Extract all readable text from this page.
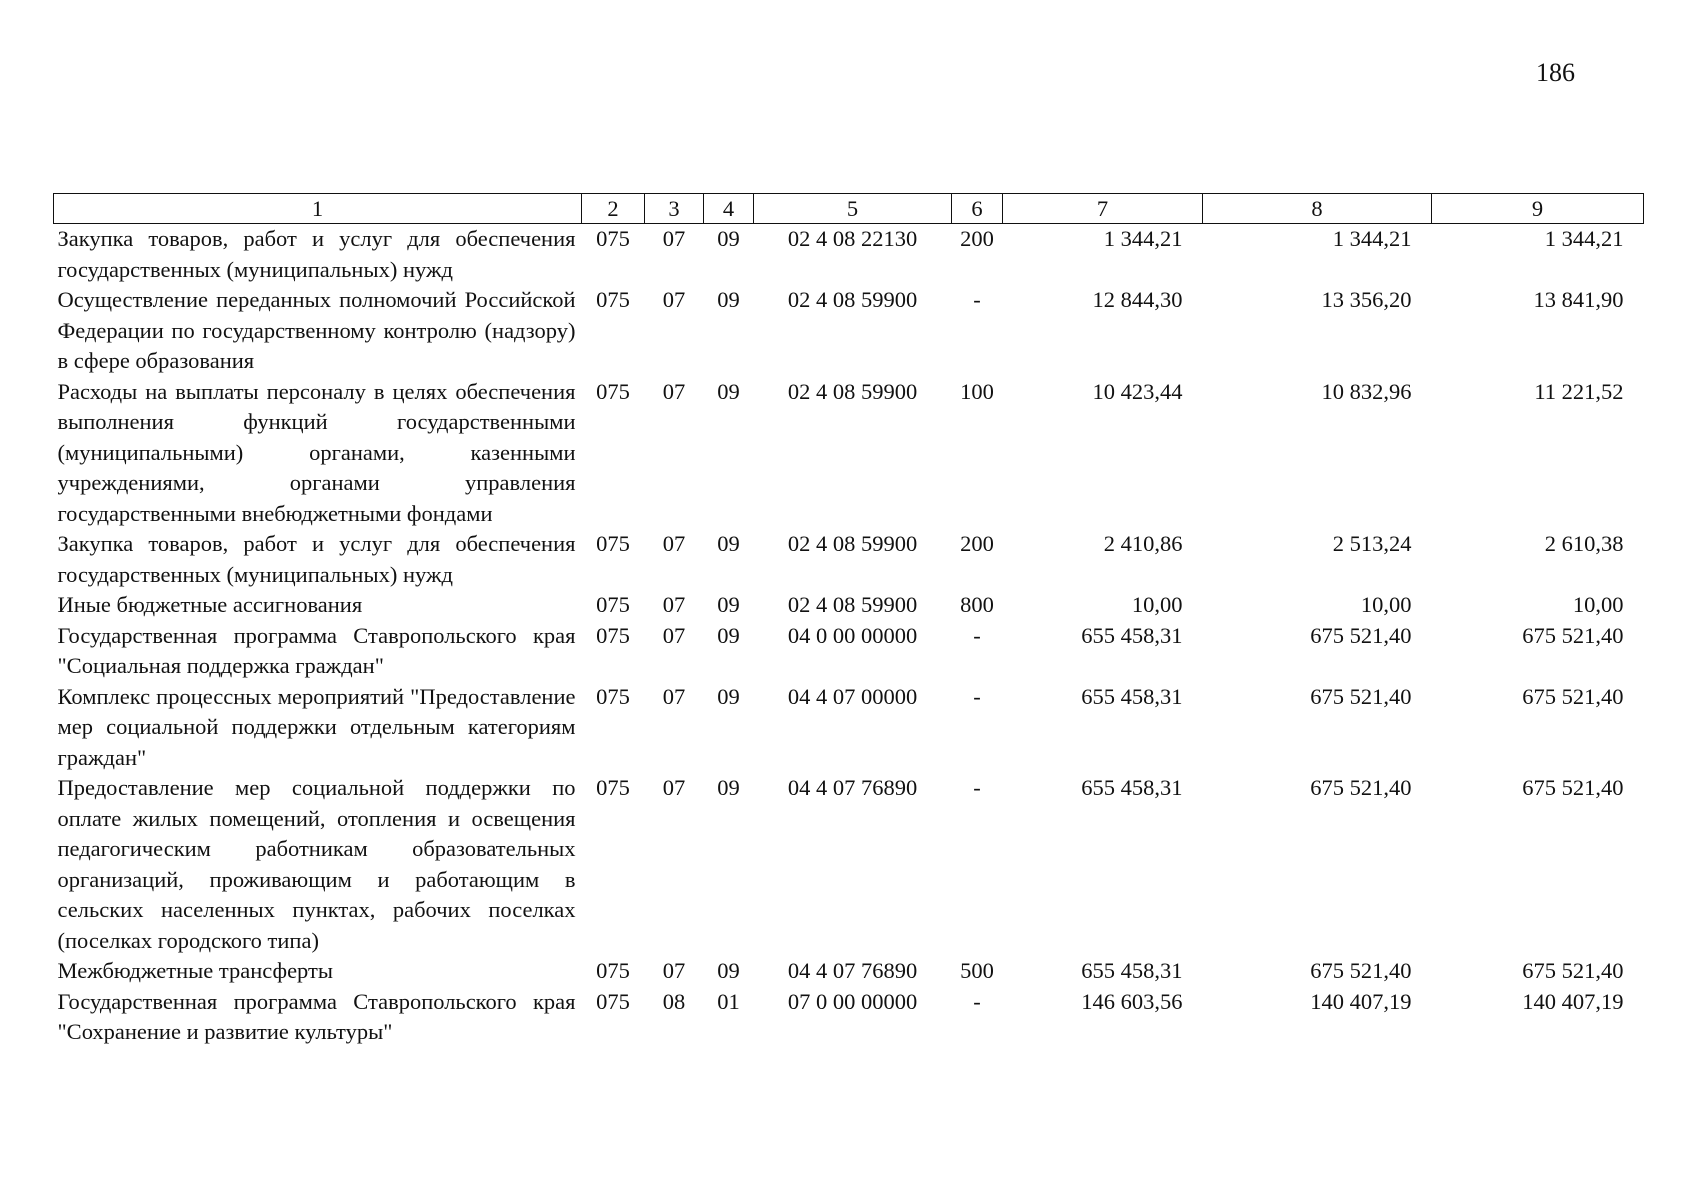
186
1	2	3	4	5	6	7	8	9
Закупка товаров, работ и услуг для обеспечения государственных (муниципальных) нужд	075	07	09	02 4 08 22130	200	1 344,21	1 344,21	1 344,21
Осуществление переданных полномочий Российской Федерации по государственному контролю (надзору) в сфере образования	075	07	09	02 4 08 59900	-	12 844,30	13 356,20	13 841,90
Расходы на выплаты персоналу в целях обеспечения выполнения функций государственными (муниципальными) органами, казенными учреждениями, органами управления государственными внебюджетными фондами	075	07	09	02 4 08 59900	100	10 423,44	10 832,96	11 221,52
Закупка товаров, работ и услуг для обеспечения государственных (муниципальных) нужд	075	07	09	02 4 08 59900	200	2 410,86	2 513,24	2 610,38
Иные бюджетные ассигнования	075	07	09	02 4 08 59900	800	10,00	10,00	10,00
Государственная программа Ставропольского края "Социальная поддержка граждан"	075	07	09	04 0 00 00000	-	655 458,31	675 521,40	675 521,40
Комплекс процессных мероприятий "Предоставление мер социальной поддержки отдельным категориям граждан"	075	07	09	04 4 07 00000	-	655 458,31	675 521,40	675 521,40
Предоставление мер социальной поддержки по оплате жилых помещений, отопления и освещения педагогическим работникам образовательных организаций, проживающим и работающим в сельских населенных пунктах, рабочих поселках (поселках городского типа)	075	07	09	04 4 07 76890	-	655 458,31	675 521,40	675 521,40
Межбюджетные трансферты	075	07	09	04 4 07 76890	500	655 458,31	675 521,40	675 521,40
Государственная программа Ставропольского края "Сохранение и развитие культуры"	075	08	01	07 0 00 00000	-	146 603,56	140 407,19	140 407,19
